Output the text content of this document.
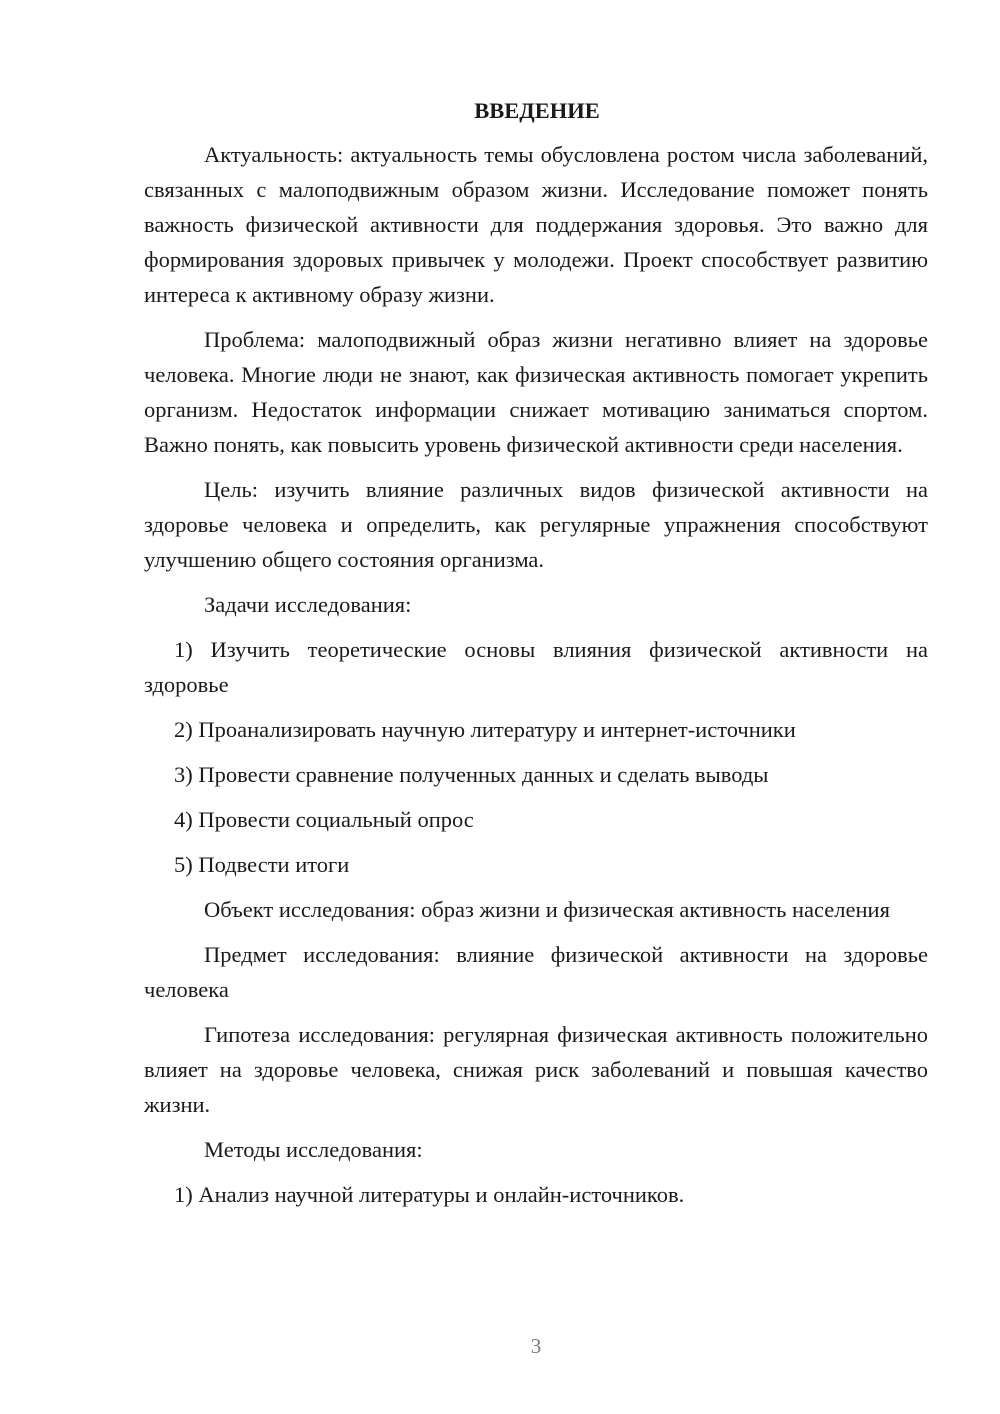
ВВЕДЕНИЕ
Актуальность: актуальность темы обусловлена ростом числа заболеваний, связанных с малоподвижным образом жизни. Исследование поможет понять важность физической активности для поддержания здоровья. Это важно для формирования здоровых привычек у молодежи. Проект способствует развитию интереса к активному образу жизни.
Проблема: малоподвижный образ жизни негативно влияет на здоровье человека. Многие люди не знают, как физическая активность помогает укрепить организм. Недостаток информации снижает мотивацию заниматься спортом. Важно понять, как повысить уровень физической активности среди населения.
Цель: изучить влияние различных видов физической активности на здоровье человека и определить, как регулярные упражнения способствуют улучшению общего состояния организма.
Задачи исследования:
1) Изучить теоретические основы влияния физической активности на здоровье
2) Проанализировать научную литературу и интернет-источники
3) Провести сравнение полученных данных и сделать выводы
4) Провести социальный опрос
5) Подвести итоги
Объект исследования: образ жизни и физическая активность населения
Предмет исследования: влияние физической активности на здоровье человека
Гипотеза исследования: регулярная физическая активность положительно влияет на здоровье человека, снижая риск заболеваний и повышая качество жизни.
Методы исследования:
1) Анализ научной литературы и онлайн-источников.
3
